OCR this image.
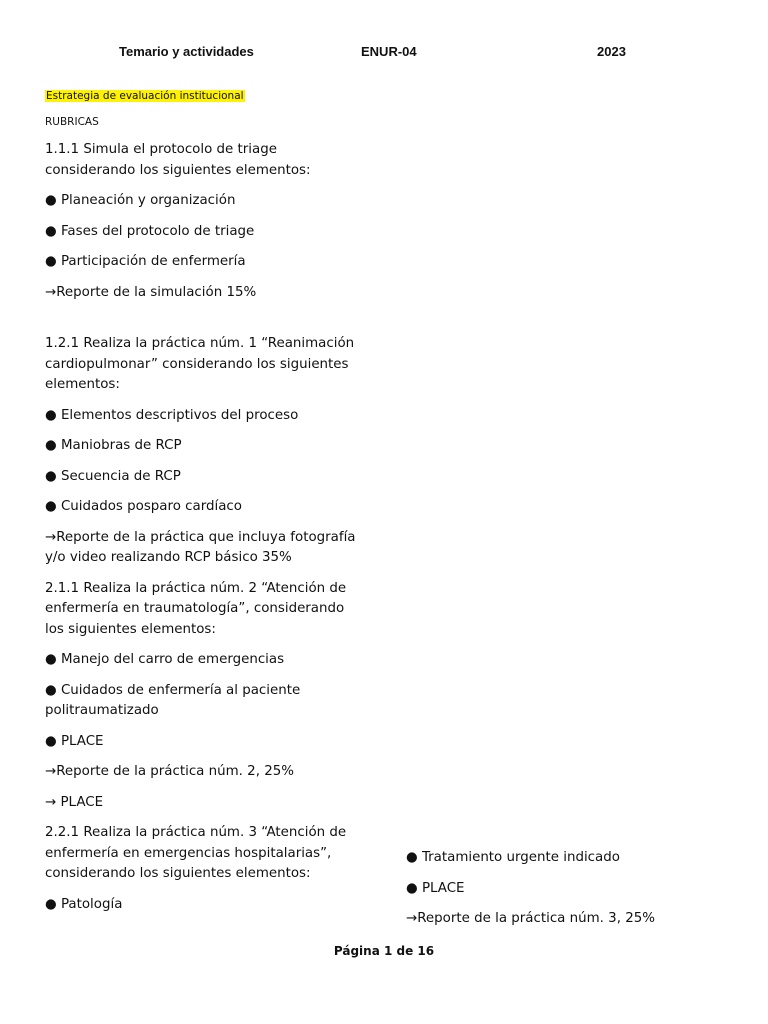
Temario y actividades	ENUR-04	2023
Estrategia de evaluación institucional
RUBRICAS

1.1.1 Simula el protocolo de triage considerando los siguientes elementos:

● Planeación y organización

● Fases del protocolo de triage

● Participación de enfermería

→Reporte de la simulación 15%

1.2.1 Realiza la práctica núm. 1 “Reanimación cardiopulmonar” considerando los siguientes elementos:

● Elementos descriptivos del proceso

● Maniobras de RCP

● Secuencia de RCP

● Cuidados posparo cardíaco

→Reporte de la práctica que incluya fotografía y/o video realizando RCP básico 35%

2.1.1 Realiza la práctica núm. 2 “Atención de enfermería en traumatología”, considerando los siguientes elementos:

● Manejo del carro de emergencias

● Cuidados de enfermería al paciente politraumatizado

● PLACE

→Reporte de la práctica núm. 2, 25%

→ PLACE

2.2.1 Realiza la práctica núm. 3 “Atención de enfermería en emergencias hospitalarias”, considerando los siguientes elementos:

● Patología

● Tratamiento urgente indicado

● PLACE

→Reporte de la práctica núm. 3, 25%

Página 1 de 16
